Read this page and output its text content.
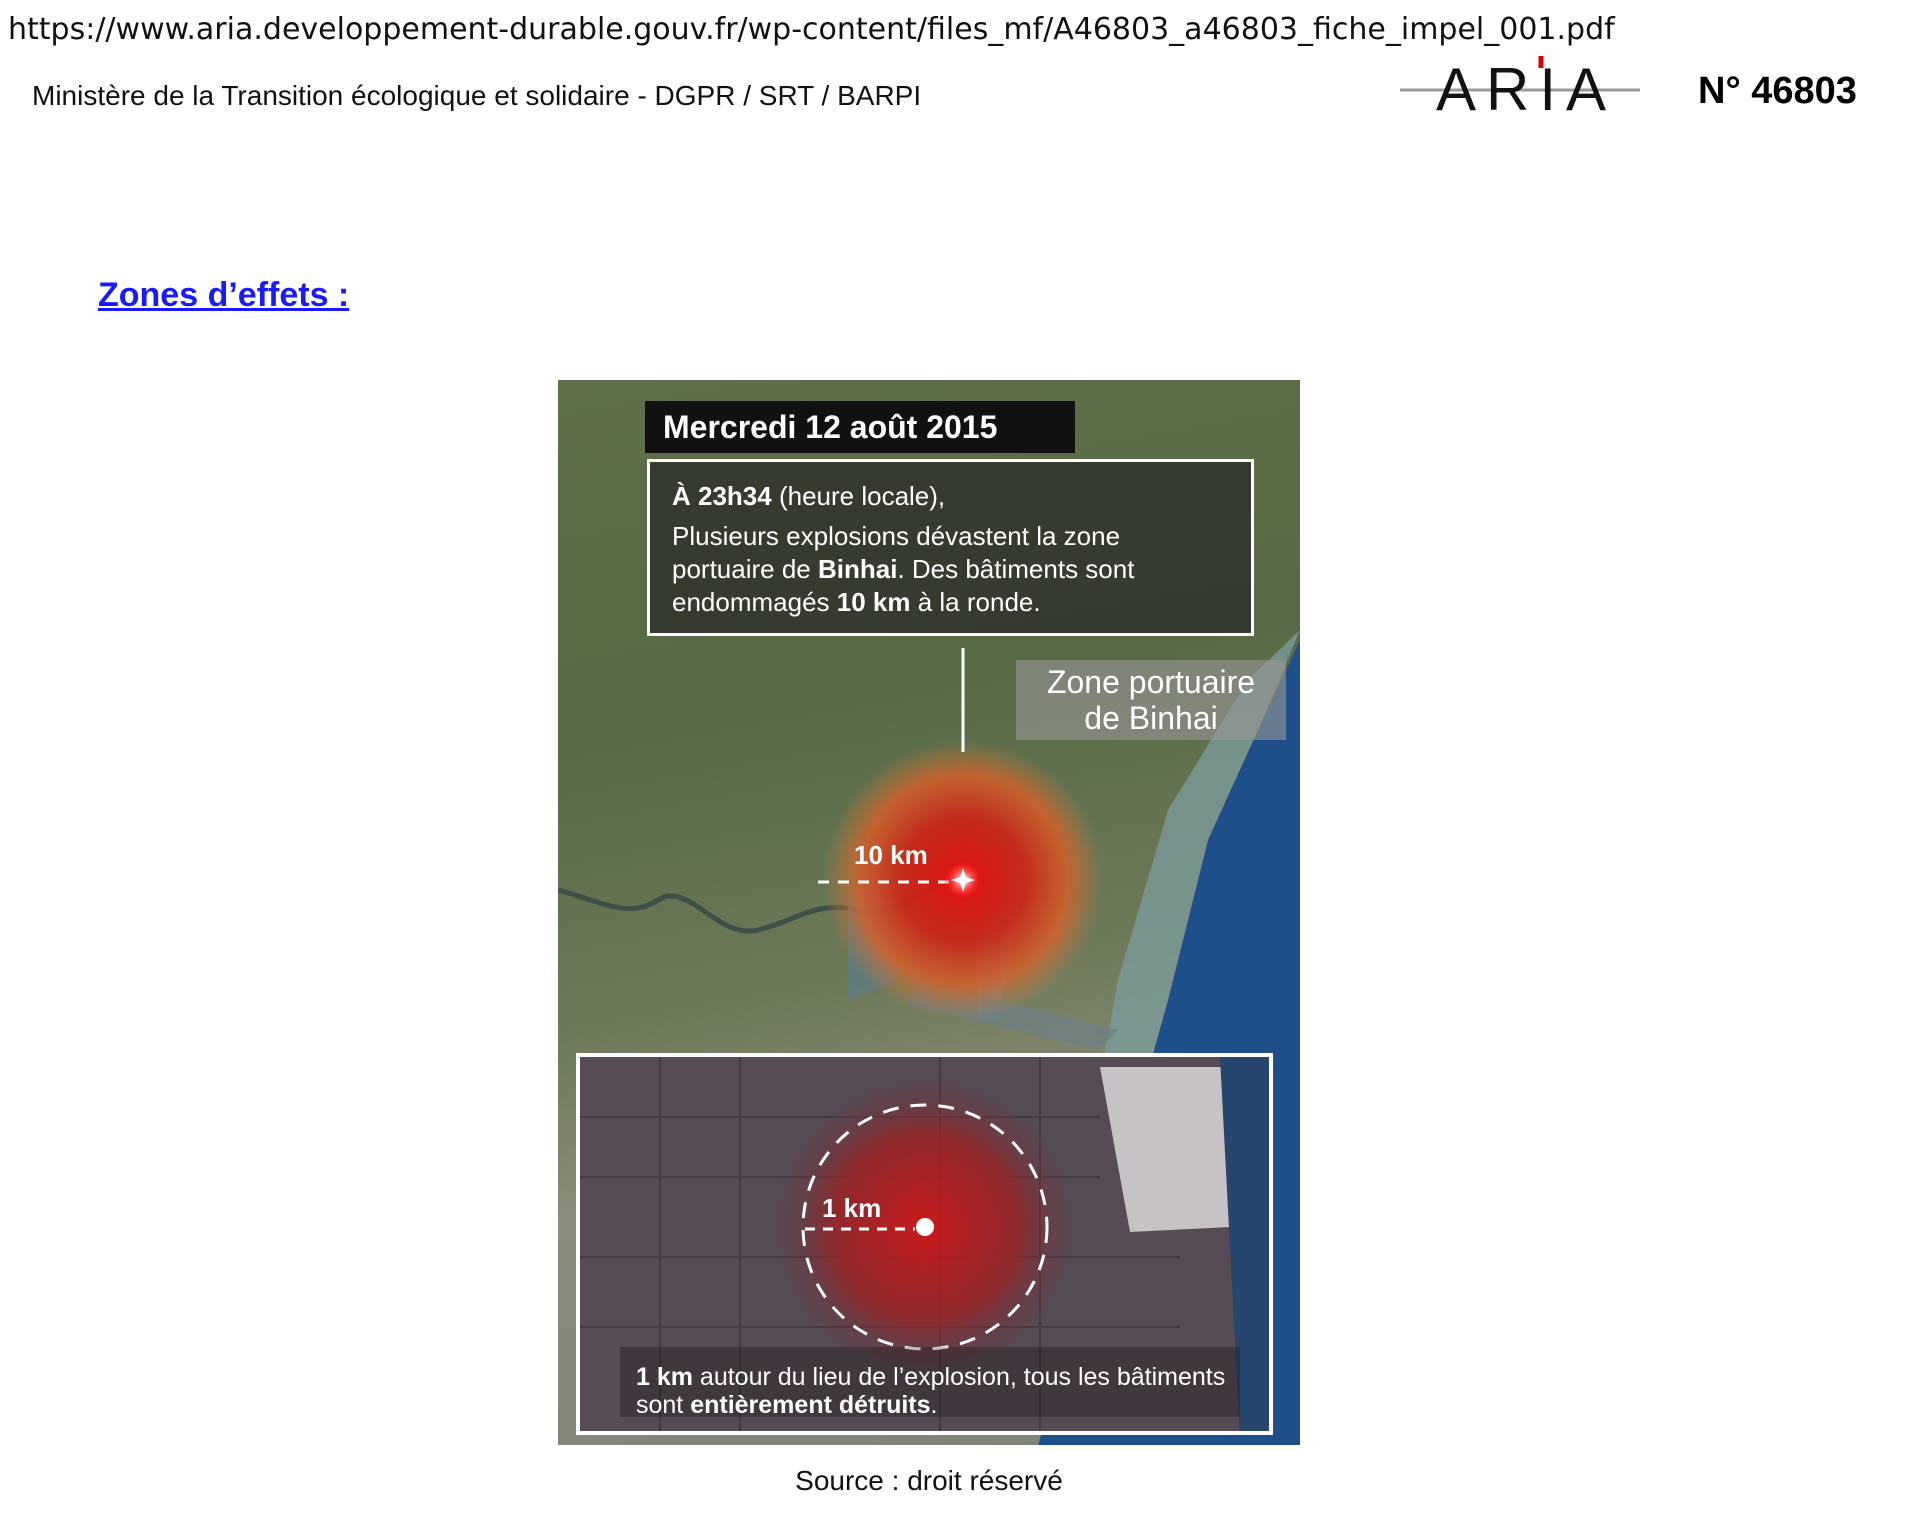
https://www.aria.developpement-durable.gouv.fr/wp-content/files_mf/A46803_a46803_fiche_impel_001.pdf
Ministère de la Transition écologique et solidaire - DGPR / SRT / BARPI	ARIA N° 46803
Zones d’effets :
Mercredi 12 août 2015

À 23h34 (heure locale),

Plusieurs explosions dévastent la zone portuaire de Binhai. Des bâtiments sont endommagés 10 km à la ronde.

Zone portuaire
de Binhai
10 km
1 km
1 km autour du lieu de l’explosion, tous les bâtiments sont entièrement détruits.
Source : droit réservé
